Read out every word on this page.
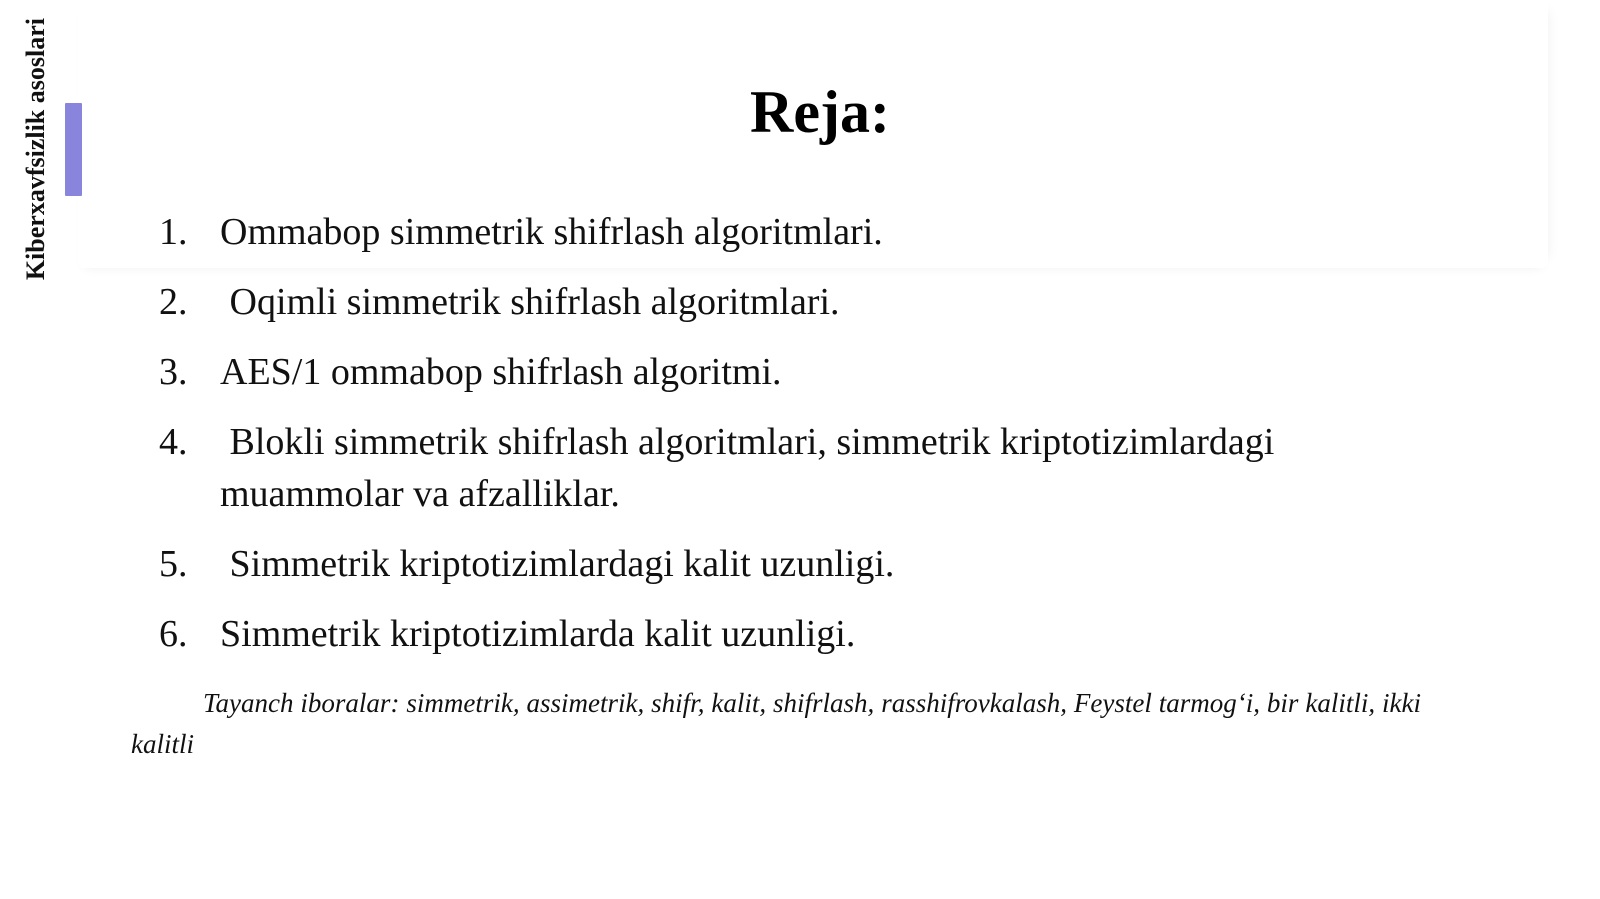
Kiberxavfsizlik asoslari	Reja:
1. Ommabop simmetrik shifrlash algoritmlari.
2. Oqimli simmetrik shifrlash algoritmlari.
3. AES/1 ommabop shifrlash algoritmi.
4. Blokli simmetrik shifrlash algoritmlari, simmetrik kriptotizimlardagi muammolar va afzalliklar.
5. Simmetrik kriptotizimlardagi kalit uzunligi.
6. Simmetrik kriptotizimlarda kalit uzunligi.

Tayanch iboralar: simmetrik, assimetrik, shifr, kalit, shifrlash, rasshifrovkalash, Feystel tarmog‘i, bir kalitli, ikki kalitli
